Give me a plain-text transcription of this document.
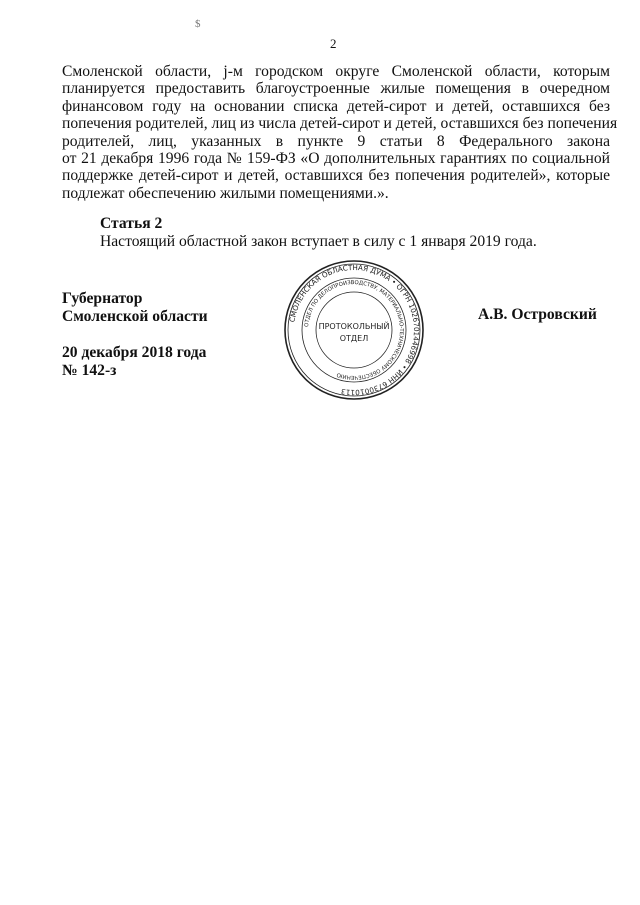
$
2
Смоленской области, j-м городском округе Смоленской области, которым
планируется предоставить благоустроенные жилые помещения в очередном
финансовом году на основании списка детей-сирот и детей, оставшихся без
попечения родителей, лиц из числа детей-сирот и детей, оставшихся без попечения
родителей, лиц, указанных в пункте 9 статьи 8 Федерального закона
от 21 декабря 1996 года № 159-ФЗ «О дополнительных гарантиях по социальной
поддержке детей-сирот и детей, оставшихся без попечения родителей», которые
подлежат обеспечению жилыми помещениями.».
Статья 2
Настоящий областной закон вступает в силу с 1 января 2019 года.
Губернатор
Смоленской области
20 декабря 2018 года
№ 142-з
А.В. Островский
СМОЛЕНСКАЯ ОБЛАСТНАЯ ДУМА • ОГРН 1026701446998 • ИНН 6730010113
ОТДЕЛ ПО ДЕЛОПРОИЗВОДСТВУ, МАТЕРИАЛЬНО-ТЕХНИЧЕСКОМУ ОБЕСПЕЧЕНИЮ
ПРОТОКОЛЬНЫЙ
ОТДЕЛ
